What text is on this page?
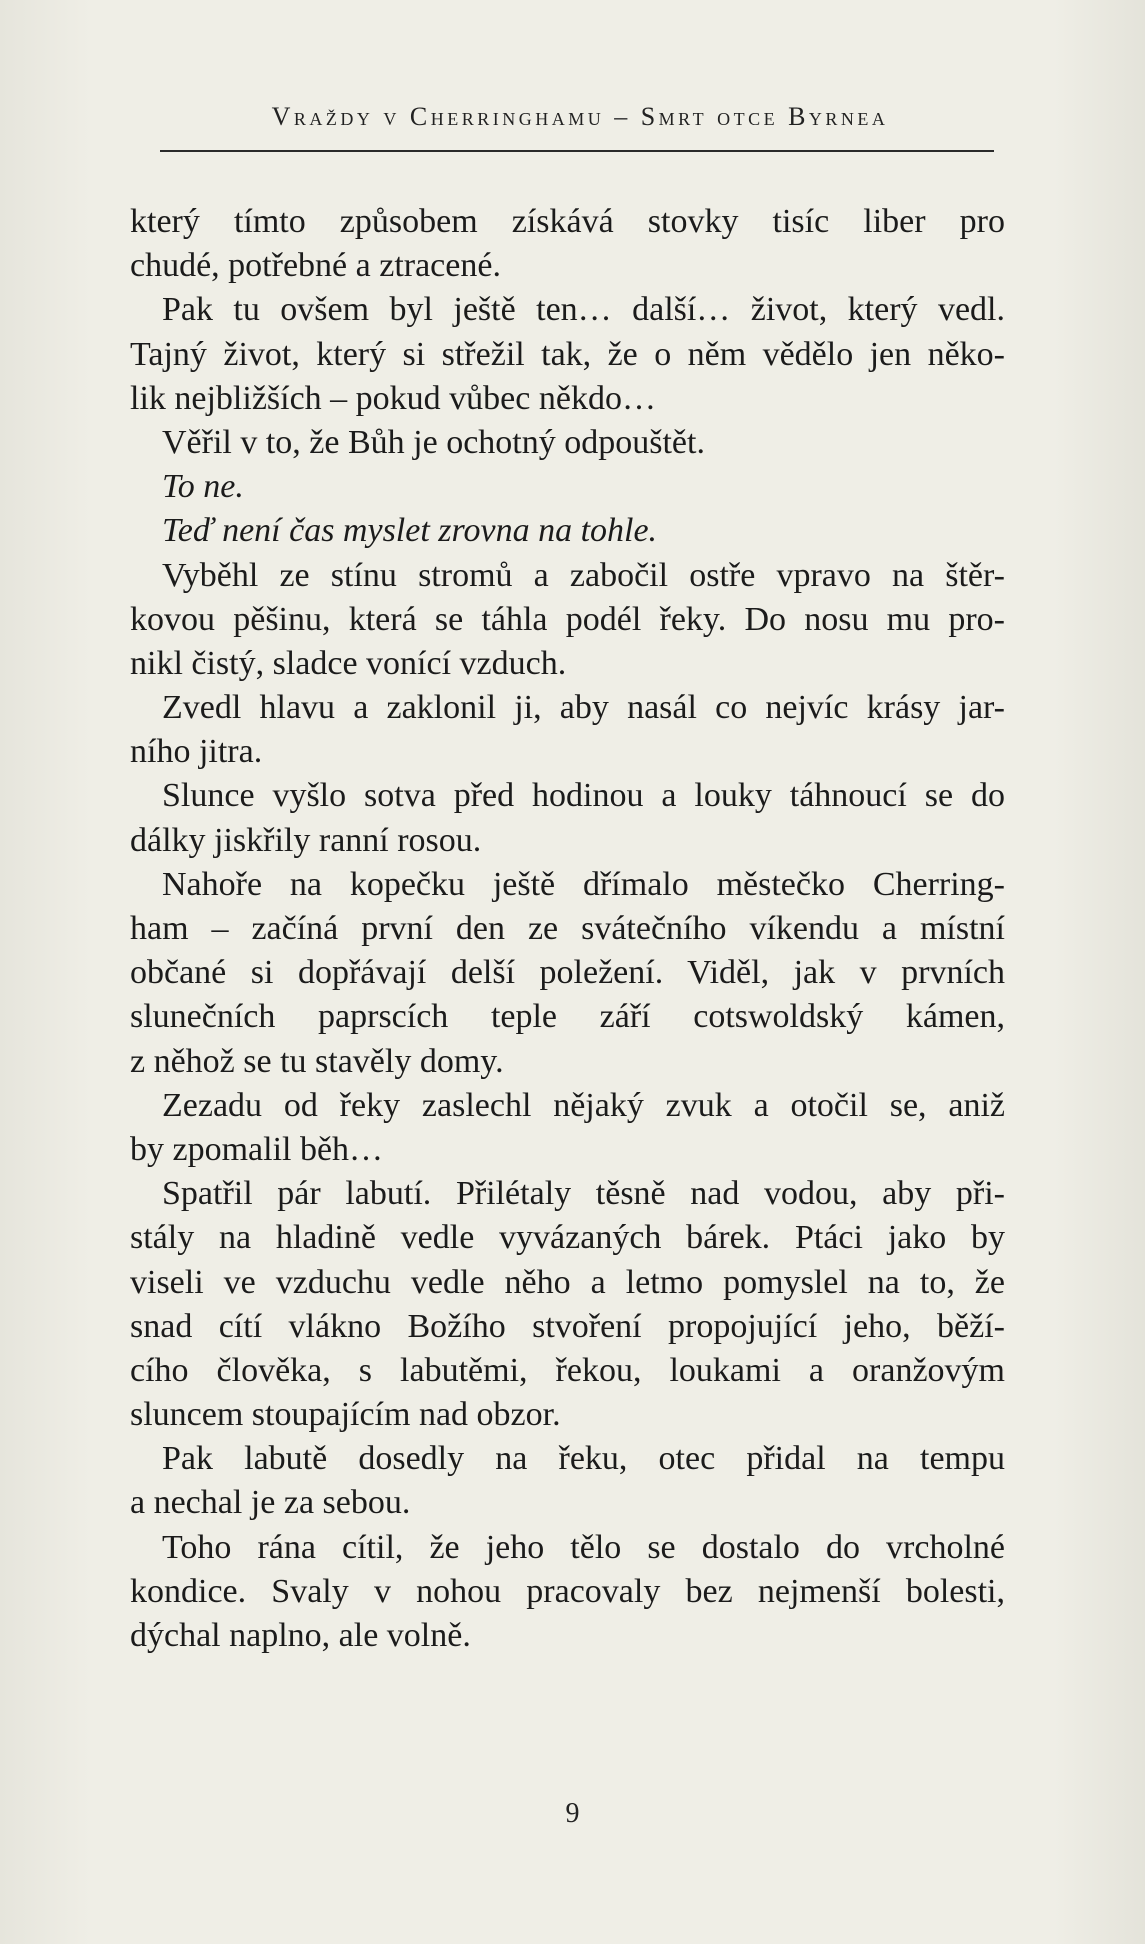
Vraždy v Cherringhamu – Smrt otce Byrnea
který tímto způsobem získává stovky tisíc liber pro
chudé, potřebné a ztracené.
Pak tu ovšem byl ještě ten… další… život, který vedl.
Tajný život, který si střežil tak, že o něm vědělo jen něko-
lik nejbližších – pokud vůbec někdo…
Věřil v to, že Bůh je ochotný odpouštět.
To ne.
Teď není čas myslet zrovna na tohle.
Vyběhl ze stínu stromů a zabočil ostře vpravo na štěr-
kovou pěšinu, která se táhla podél řeky. Do nosu mu pro-
nikl čistý, sladce vonící vzduch.
Zvedl hlavu a zaklonil ji, aby nasál co nejvíc krásy jar-
ního jitra.
Slunce vyšlo sotva před hodinou a louky táhnoucí se do
dálky jiskřily ranní rosou.
Nahoře na kopečku ještě dřímalo městečko Cherring-
ham – začíná první den ze svátečního víkendu a místní
občané si dopřávají delší poležení. Viděl, jak v prvních
slunečních paprscích teple září cotswoldský kámen,
z něhož se tu stavěly domy.
Zezadu od řeky zaslechl nějaký zvuk a otočil se, aniž
by zpomalil běh…
Spatřil pár labutí. Přilétaly těsně nad vodou, aby při-
stály na hladině vedle vyvázaných bárek. Ptáci jako by
viseli ve vzduchu vedle něho a letmo pomyslel na to, že
snad cítí vlákno Božího stvoření propojující jeho, běží-
cího člověka, s labutěmi, řekou, loukami a oranžovým
sluncem stoupajícím nad obzor.
Pak labutě dosedly na řeku, otec přidal na tempu
a nechal je za sebou.
Toho rána cítil, že jeho tělo se dostalo do vrcholné
kondice. Svaly v nohou pracovaly bez nejmenší bolesti,
dýchal naplno, ale volně.
9
